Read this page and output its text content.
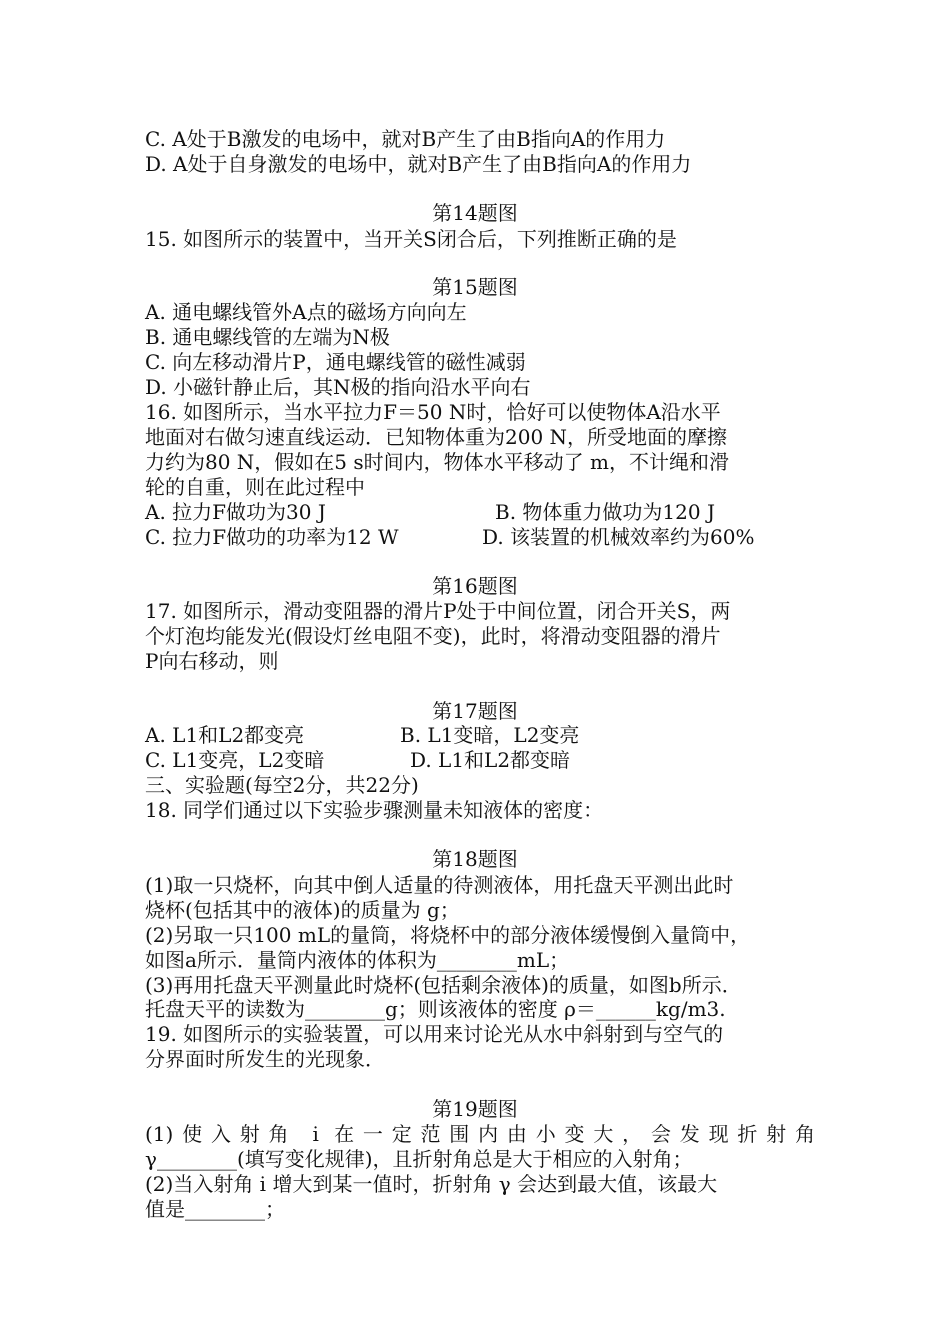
C. A处于B激发的电场中，就对B产生了由B指向A的作用力
D. A处于自身激发的电场中，就对B产生了由B指向A的作用力
第14题图
15. 如图所示的装置中，当开关S闭合后，下列推断正确的是
第15题图
A. 通电螺线管外A点的磁场方向向左
B. 通电螺线管的左端为N极
C. 向左移动滑片P，通电螺线管的磁性减弱
D. 小磁针静止后，其N极的指向沿水平向右
16. 如图所示，当水平拉力F＝50 N时，恰好可以使物体A沿水平
地面对右做匀速直线运动．已知物体重为200 N，所受地面的摩擦
力约为80 N，假如在5 s时间内，物体水平移动了 m，不计绳和滑
轮的自重，则在此过程中
A. 拉力F做功为30 J	B. 物体重力做功为120 J
C. 拉力F做功的功率为12 W	D. 该装置的机械效率约为60%
第16题图
17. 如图所示，滑动变阻器的滑片P处于中间位置，闭合开关S，两
个灯泡均能发光(假设灯丝电阻不变)，此时，将滑动变阻器的滑片
P向右移动，则
第17题图
A. L1和L2都变亮	B. L1变暗，L2变亮
C. L1变亮，L2变暗	D. L1和L2都变暗
三、实验题(每空2分，共22分)
18. 同学们通过以下实验步骤测量未知液体的密度：
第18题图
(1)取一只烧杯，向其中倒人适量的待测液体，用托盘天平测出此时
烧杯(包括其中的液体)的质量为 g；
(2)另取一只100 mL的量筒，将烧杯中的部分液体缓慢倒入量筒中，
如图a所示．量筒内液体的体积为________mL；
(3)再用托盘天平测量此时烧杯(包括剩余液体)的质量，如图b所示．
托盘天平的读数为________g；则该液体的密度 ρ＝______kg/m3.
19. 如图所示的实验装置，可以用来讨论光从水中斜射到与空气的
分界面时所发生的光现象．
第19题图
(1)使入射角 i 在一定范围内由小变大，会发现折射角
γ________(填写变化规律)，且折射角总是大于相应的入射角；
(2)当入射角 i 增大到某一值时，折射角 γ 会达到最大值，该最大
值是________；
